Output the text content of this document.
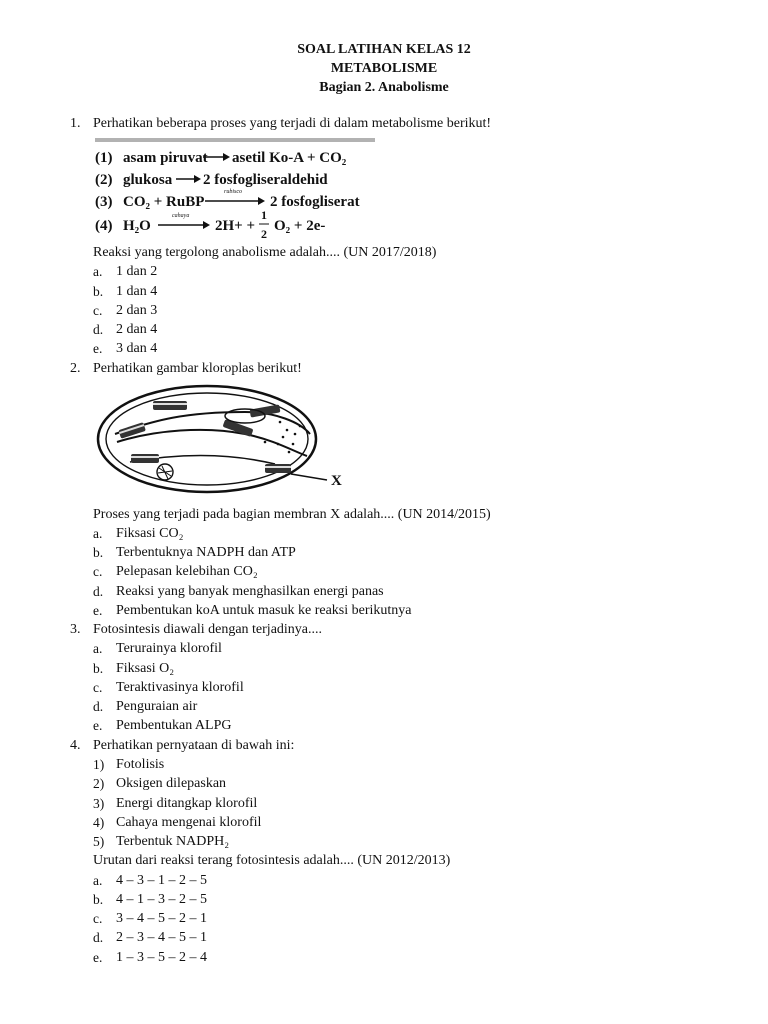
SOAL LATIHAN KELAS 12
METABOLISME
Bagian 2. Anabolisme
1. Perhatikan beberapa proses yang terjadi di dalam metabolisme berikut!
(1) asam piruvat asetil Ko-A + CO₂
(2) glukosa 2 fosfogliseraldehid
(3) CO₂ + RuBP
rubisco
2 fosfogliserat
(4) H₂O
cahaya
2H+ +
1
2 O₂ + 2e-
Reaksi yang tergolong anabolisme adalah.... (UN 2017/2018)
a. 1 dan 2
b. 1 dan 4
c. 2 dan 3
d. 2 dan 4
e. 3 dan 4
2. Perhatikan gambar kloroplas berikut!
X
Proses yang terjadi pada bagian membran X adalah.... (UN 2014/2015)
a. Fiksasi CO₂
b. Terbentuknya NADPH dan ATP
c. Pelepasan kelebihan CO₂
d. Reaksi yang banyak menghasilkan energi panas
e. Pembentukan koA untuk masuk ke reaksi berikutnya
3. Fotosintesis diawali dengan terjadinya....
a. Terurainya klorofil
b. Fiksasi O₂
c. Teraktivasinya klorofil
d. Penguraian air
e. Pembentukan ALPG
4. Perhatikan pernyataan di bawah ini:
1) Fotolisis
2) Oksigen dilepaskan
3) Energi ditangkap klorofil
4) Cahaya mengenai klorofil
5) Terbentuk NADPH₂
Urutan dari reaksi terang fotosintesis adalah.... (UN 2012/2013)
a. 4 – 3 – 1 – 2 – 5
b. 4 – 1 – 3 – 2 – 5
c. 3 – 4 – 5 – 2 – 1
d. 2 – 3 – 4 – 5 – 1
e. 1 – 3 – 5 – 2 – 4
